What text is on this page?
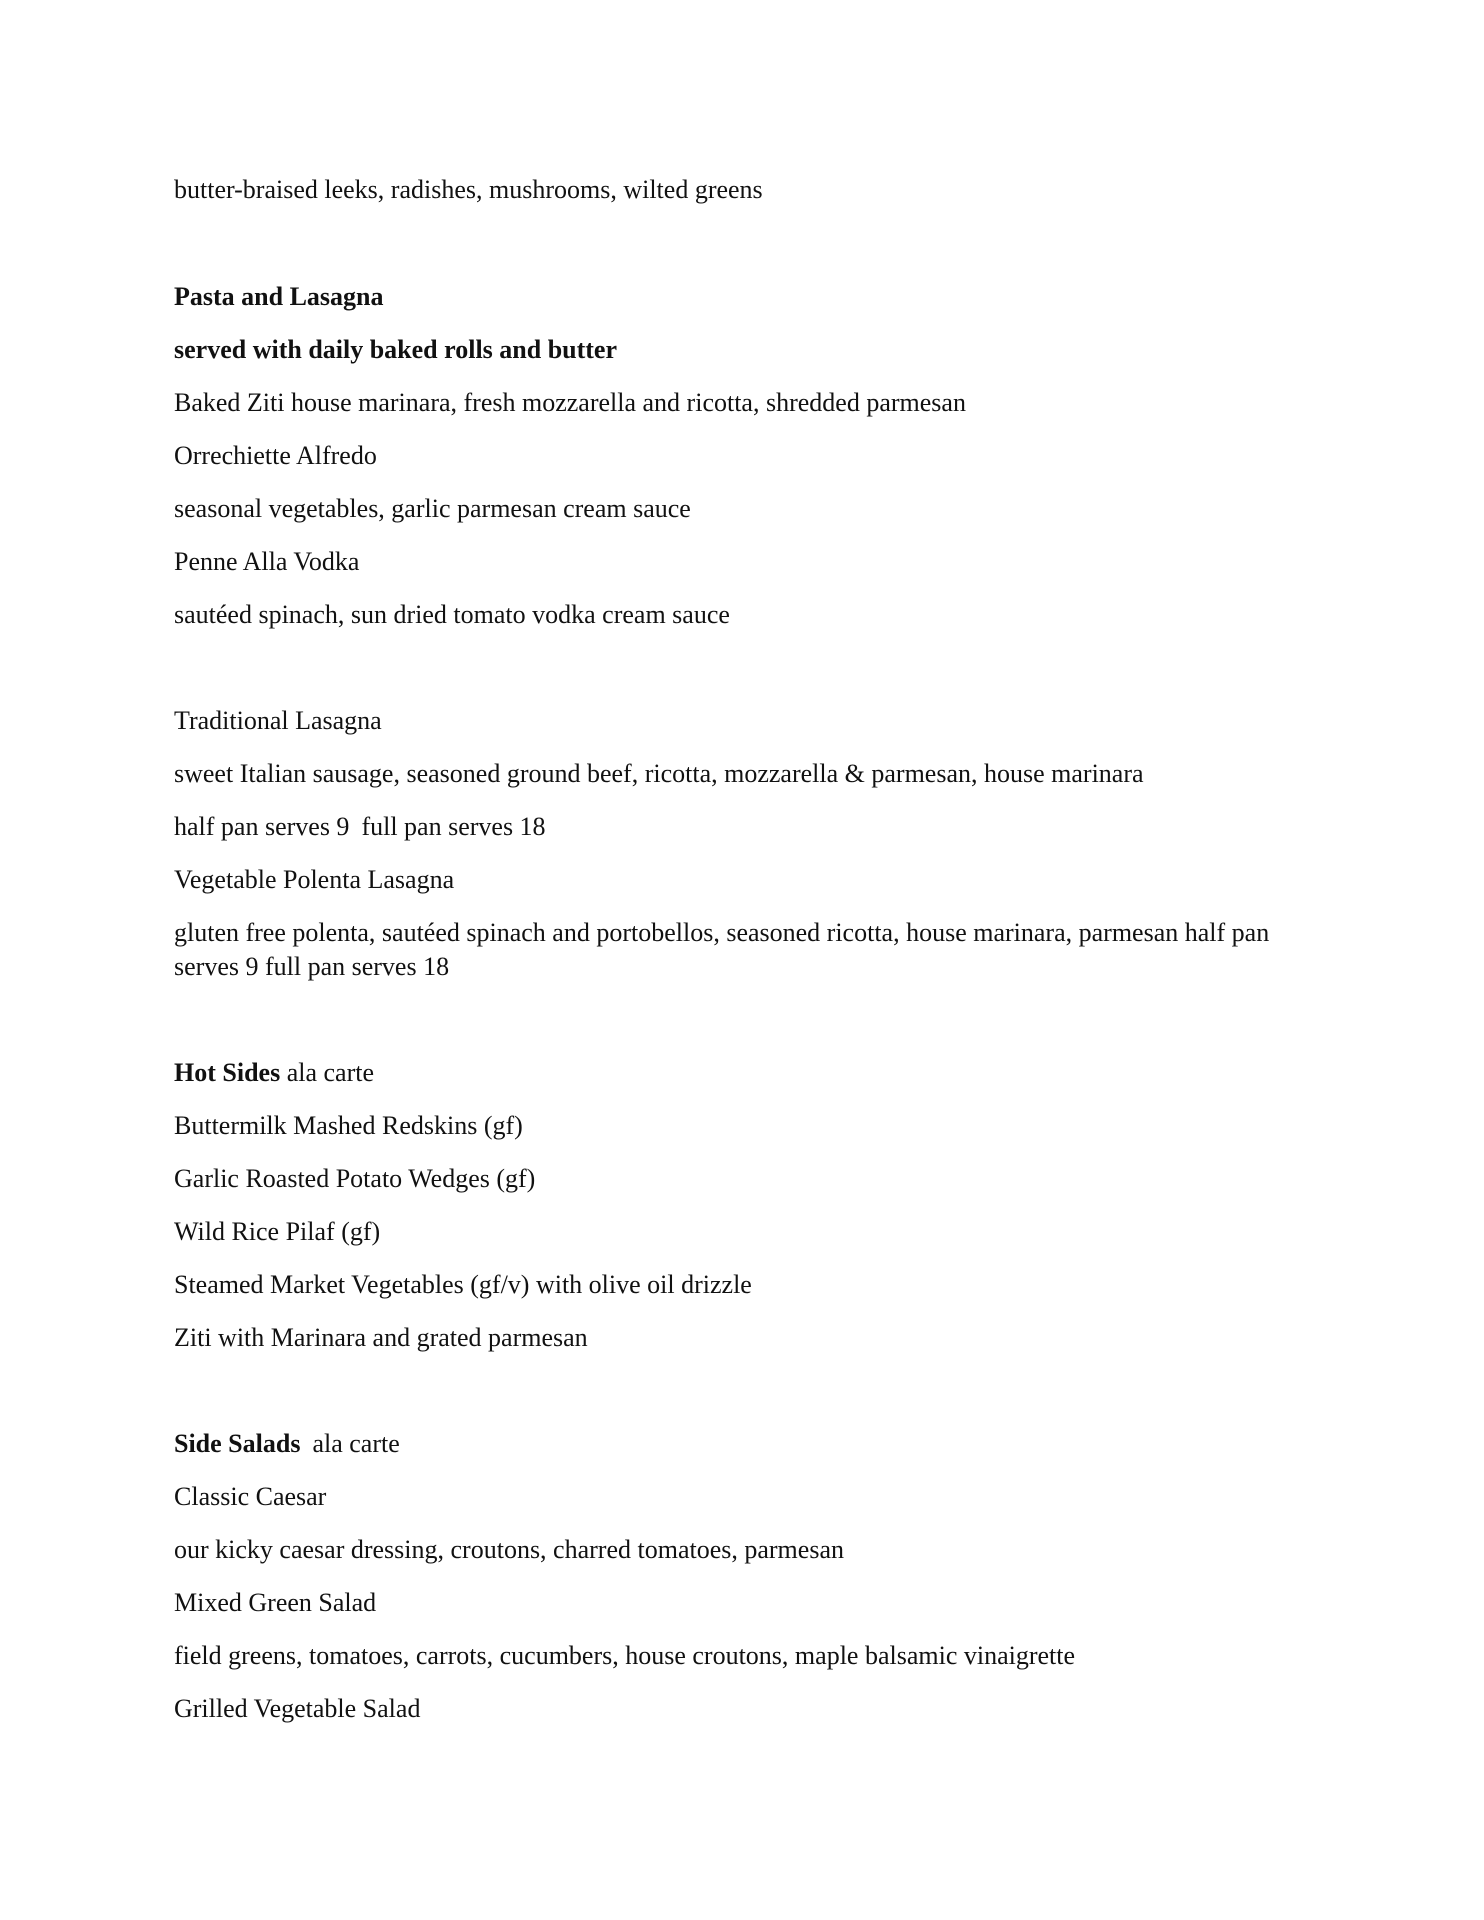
butter-braised leeks, radishes, mushrooms, wilted greens
Pasta and Lasagna
served with daily baked rolls and butter
Baked Ziti house marinara, fresh mozzarella and ricotta, shredded parmesan
Orrechiette Alfredo
seasonal vegetables, garlic parmesan cream sauce
Penne Alla Vodka
sautéed spinach, sun dried tomato vodka cream sauce
Traditional Lasagna
sweet Italian sausage, seasoned ground beef, ricotta, mozzarella & parmesan, house marinara
half pan serves 9 full pan serves 18
Vegetable Polenta Lasagna
gluten free polenta, sautéed spinach and portobellos, seasoned ricotta, house marinara, parmesan half pan serves 9 full pan serves 18
Hot Sides ala carte
Buttermilk Mashed Redskins (gf)
Garlic Roasted Potato Wedges (gf)
Wild Rice Pilaf (gf)
Steamed Market Vegetables (gf/v) with olive oil drizzle
Ziti with Marinara and grated parmesan
Side Salads ala carte
Classic Caesar
our kicky caesar dressing, croutons, charred tomatoes, parmesan
Mixed Green Salad
field greens, tomatoes, carrots, cucumbers, house croutons, maple balsamic vinaigrette
Grilled Vegetable Salad
